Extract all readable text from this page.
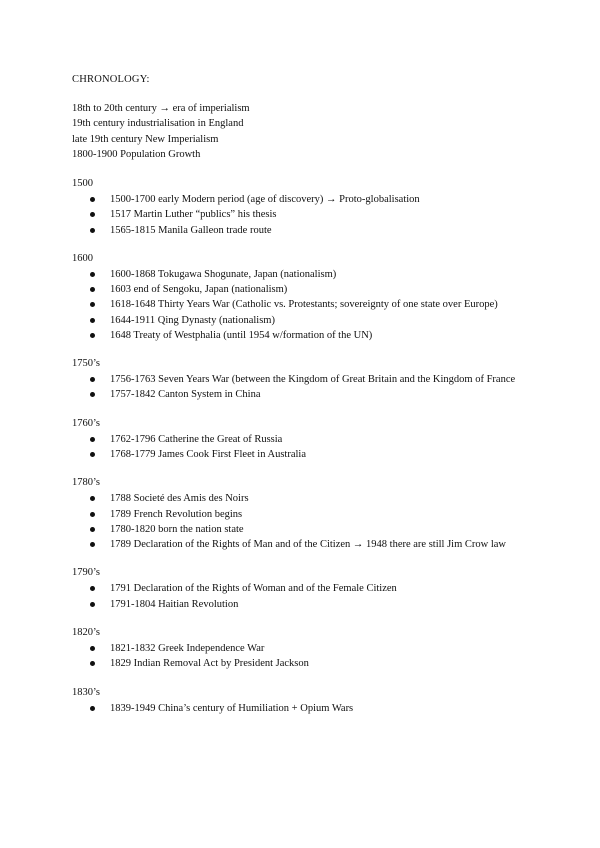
CHRONOLOGY:
18th to 20th century → era of imperialism
19th century industrialisation in England
late 19th century New Imperialism
1800-1900 Population Growth
1500
1500-1700 early Modern period (age of discovery) → Proto-globalisation
1517 Martin Luther “publics” his thesis
1565-1815 Manila Galleon trade route
1600
1600-1868 Tokugawa Shogunate, Japan (nationalism)
1603 end of Sengoku, Japan (nationalism)
1618-1648 Thirty Years War (Catholic vs. Protestants; sovereignty of one state over Europe)
1644-1911 Qing Dynasty (nationalism)
1648 Treaty of Westphalia (until 1954 w/formation of the UN)
1750’s
1756-1763 Seven Years War (between the Kingdom of Great Britain and the Kingdom of France
1757-1842 Canton System in China
1760’s
1762-1796 Catherine the Great of Russia
1768-1779 James Cook First Fleet in Australia
1780’s
1788 Societé des Amis des Noirs
1789 French Revolution begins
1780-1820 born the nation state
1789 Declaration of the Rights of Man and of the Citizen → 1948 there are still Jim Crow law
1790’s
1791 Declaration of the Rights of Woman and of the Female Citizen
1791-1804 Haitian Revolution
1820’s
1821-1832 Greek Independence War
1829 Indian Removal Act by President Jackson
1830’s
1839-1949 China’s century of Humiliation + Opium Wars
